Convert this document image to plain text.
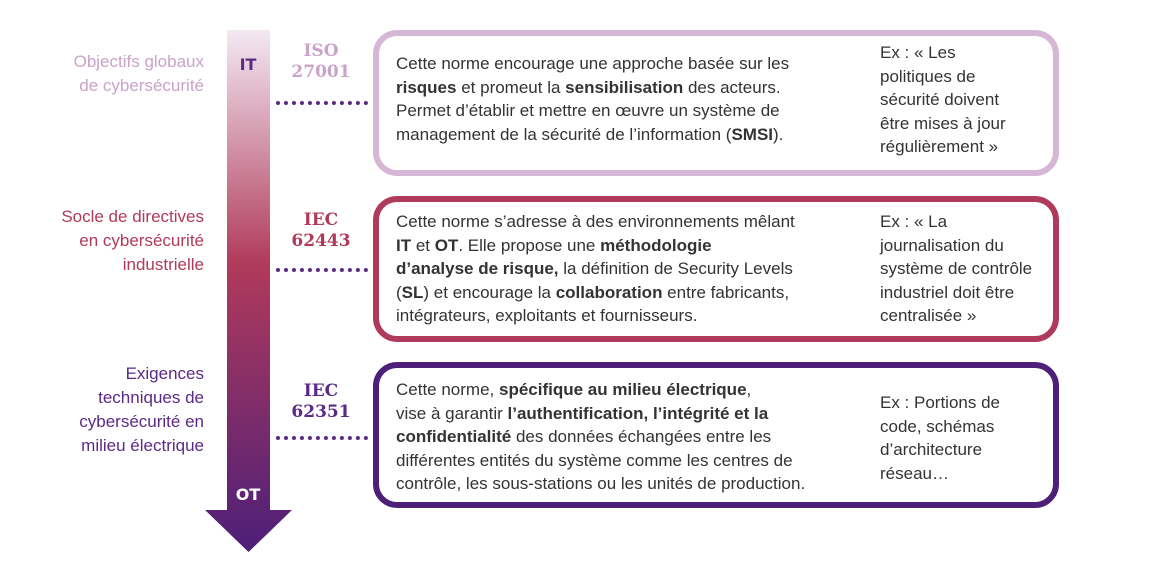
Objectifs globaux
de cybersécurité
Socle de directives
en cybersécurité
industrielle
Exigences
techniques de
cybersécurité en
milieu électrique
IT
OT
ISO
27001
IEC
62443
IEC
62351
Cette norme encourage une approche basée sur les
risques et promeut la sensibilisation des acteurs.
Permet d’établir et mettre en œuvre un système de
management de la sécurité de l’information (SMSI).
Cette norme s’adresse à des environnements mêlant
IT et OT. Elle propose une méthodologie
d’analyse de risque, la définition de Security Levels
(SL) et encourage la collaboration entre fabricants,
intégrateurs, exploitants et fournisseurs.
Cette norme, spécifique au milieu électrique,
vise à garantir l’authentification, l’intégrité et la
confidentialité des données échangées entre les
différentes entités du système comme les centres de
contrôle, les sous-stations ou les unités de production.
Ex : « Les
politiques de
sécurité doivent
être mises à jour
régulièrement »
Ex : « La
journalisation du
système de contrôle
industriel doit être
centralisée »
Ex : Portions de
code, schémas
d’architecture
réseau…
